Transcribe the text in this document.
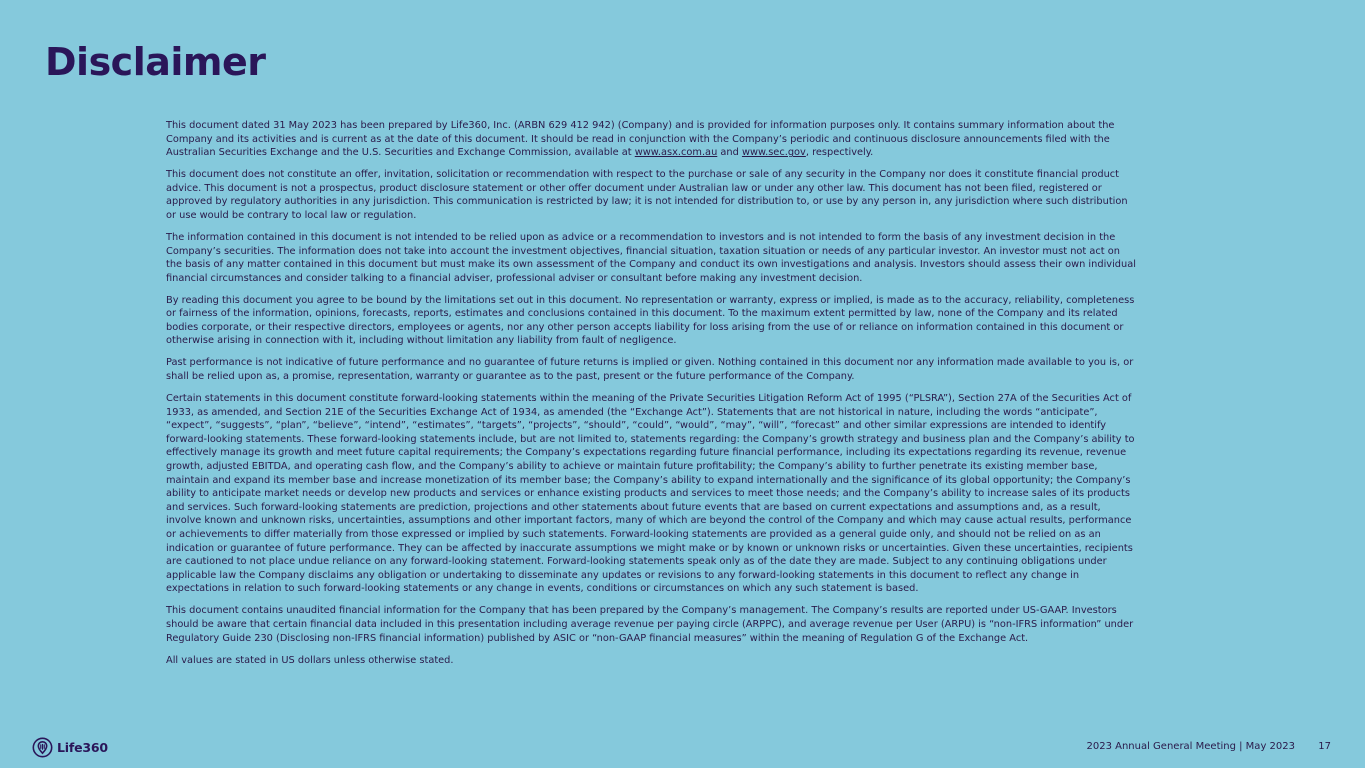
Disclaimer

This document dated 31 May 2023 has been prepared by Life360, Inc. (ARBN 629 412 942) (Company) and is provided for information purposes only. It contains summary information about the Company and its activities and is current as at the date of this document. It should be read in conjunction with the Company’s periodic and continuous disclosure announcements filed with the Australian Securities Exchange and the U.S. Securities and Exchange Commission, available at www.asx.com.au and www.sec.gov, respectively.

This document does not constitute an offer, invitation, solicitation or recommendation with respect to the purchase or sale of any security in the Company nor does it constitute financial product advice. This document is not a prospectus, product disclosure statement or other offer document under Australian law or under any other law. This document has not been filed, registered or approved by regulatory authorities in any jurisdiction. This communication is restricted by law; it is not intended for distribution to, or use by any person in, any jurisdiction where such distribution or use would be contrary to local law or regulation.

The information contained in this document is not intended to be relied upon as advice or a recommendation to investors and is not intended to form the basis of any investment decision in the Company’s securities. The information does not take into account the investment objectives, financial situation, taxation situation or needs of any particular investor. An investor must not act on the basis of any matter contained in this document but must make its own assessment of the Company and conduct its own investigations and analysis. Investors should assess their own individual financial circumstances and consider talking to a financial adviser, professional adviser or consultant before making any investment decision.

By reading this document you agree to be bound by the limitations set out in this document. No representation or warranty, express or implied, is made as to the accuracy, reliability, completeness or fairness of the information, opinions, forecasts, reports, estimates and conclusions contained in this document. To the maximum extent permitted by law, none of the Company and its related bodies corporate, or their respective directors, employees or agents, nor any other person accepts liability for loss arising from the use of or reliance on information contained in this document or otherwise arising in connection with it, including without limitation any liability from fault of negligence.

Past performance is not indicative of future performance and no guarantee of future returns is implied or given. Nothing contained in this document nor any information made available to you is, or shall be relied upon as, a promise, representation, warranty or guarantee as to the past, present or the future performance of the Company.

Certain statements in this document constitute forward-looking statements within the meaning of the Private Securities Litigation Reform Act of 1995 (“PLSRA”), Section 27A of the Securities Act of 1933, as amended, and Section 21E of the Securities Exchange Act of 1934, as amended (the “Exchange Act”). Statements that are not historical in nature, including the words “anticipate”, “expect”, “suggests”, “plan”, “believe”, “intend”, “estimates”, “targets”, “projects”, “should”, “could”, “would”, “may”, “will”, “forecast” and other similar expressions are intended to identify forward-looking statements. These forward-looking statements include, but are not limited to, statements regarding: the Company’s growth strategy and business plan and the Company’s ability to effectively manage its growth and meet future capital requirements; the Company’s expectations regarding future financial performance, including its expectations regarding its revenue, revenue growth, adjusted EBITDA, and operating cash flow, and the Company’s ability to achieve or maintain future profitability; the Company’s ability to further penetrate its existing member base, maintain and expand its member base and increase monetization of its member base; the Company’s ability to expand internationally and the significance of its global opportunity; the Company’s ability to anticipate market needs or develop new products and services or enhance existing products and services to meet those needs; and the Company’s ability to increase sales of its products and services. Such forward-looking statements are prediction, projections and other statements about future events that are based on current expectations and assumptions and, as a result, involve known and unknown risks, uncertainties, assumptions and other important factors, many of which are beyond the control of the Company and which may cause actual results, performance or achievements to differ materially from those expressed or implied by such statements. Forward-looking statements are provided as a general guide only, and should not be relied on as an indication or guarantee of future performance. They can be affected by inaccurate assumptions we might make or by known or unknown risks or uncertainties. Given these uncertainties, recipients are cautioned to not place undue reliance on any forward-looking statement. Forward-looking statements speak only as of the date they are made. Subject to any continuing obligations under applicable law the Company disclaims any obligation or undertaking to disseminate any updates or revisions to any forward-looking statements in this document to reflect any change in expectations in relation to such forward-looking statements or any change in events, conditions or circumstances on which any such statement is based.

This document contains unaudited financial information for the Company that has been prepared by the Company’s management. The Company’s results are reported under US-GAAP. Investors should be aware that certain financial data included in this presentation including average revenue per paying circle (ARPPC), and average revenue per User (ARPU) is “non-IFRS information” under Regulatory Guide 230 (Disclosing non-IFRS financial information) published by ASIC or “non-GAAP financial measures” within the meaning of Regulation G of the Exchange Act.

All values are stated in US dollars unless otherwise stated.

Life360	2023 Annual General Meeting | May 2023 17
